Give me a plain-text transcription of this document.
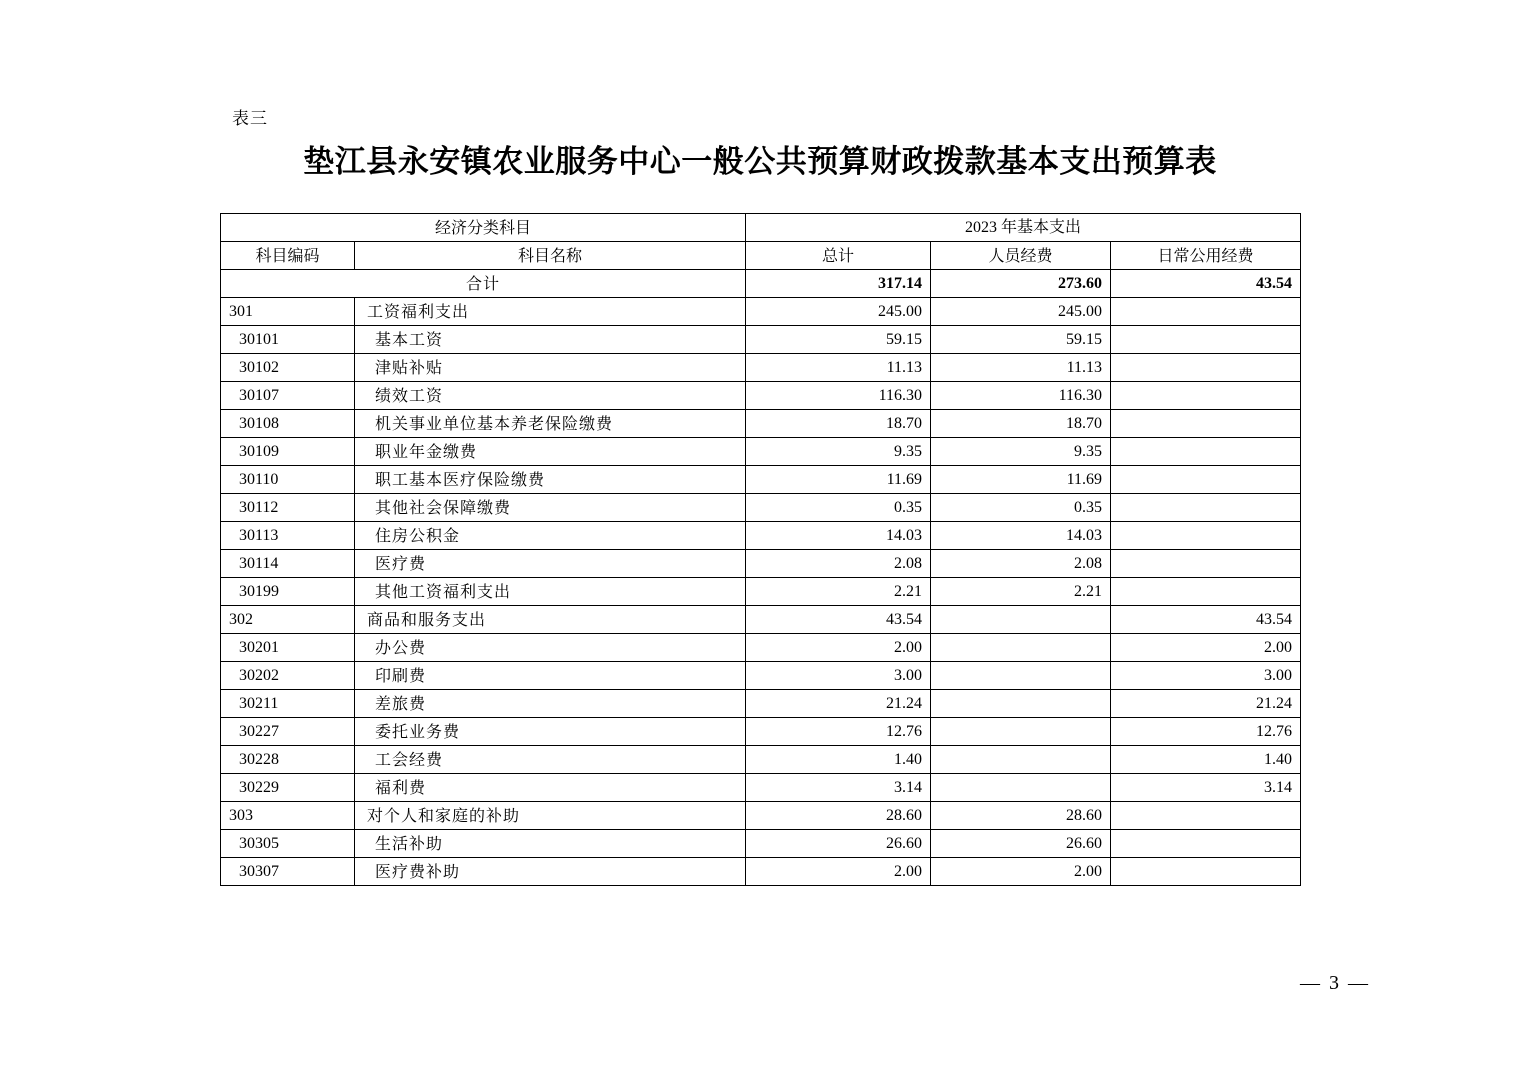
表三
垫江县永安镇农业服务中心一般公共预算财政拨款基本支出预算表
经济分类科目		2023 年基本支出		
科目编码	科目名称	总计	人员经费	日常公用经费
合计		317.14	273.60	43.54
301	工资福利支出	245.00	245.00	
30101	基本工资	59.15	59.15	
30102	津贴补贴	11.13	11.13	
30107	绩效工资	116.30	116.30	
30108	机关事业单位基本养老保险缴费	18.70	18.70	
30109	职业年金缴费	9.35	9.35	
30110	职工基本医疗保险缴费	11.69	11.69	
30112	其他社会保障缴费	0.35	0.35	
30113	住房公积金	14.03	14.03	
30114	医疗费	2.08	2.08	
30199	其他工资福利支出	2.21	2.21	
302	商品和服务支出	43.54		43.54
30201	办公费	2.00		2.00
30202	印刷费	3.00		3.00
30211	差旅费	21.24		21.24
30227	委托业务费	12.76		12.76
30228	工会经费	1.40		1.40
30229	福利费	3.14		3.14
303	对个人和家庭的补助	28.60	28.60	
30305	生活补助	26.60	26.60	
30307	医疗费补助	2.00	2.00	
— 3 —
